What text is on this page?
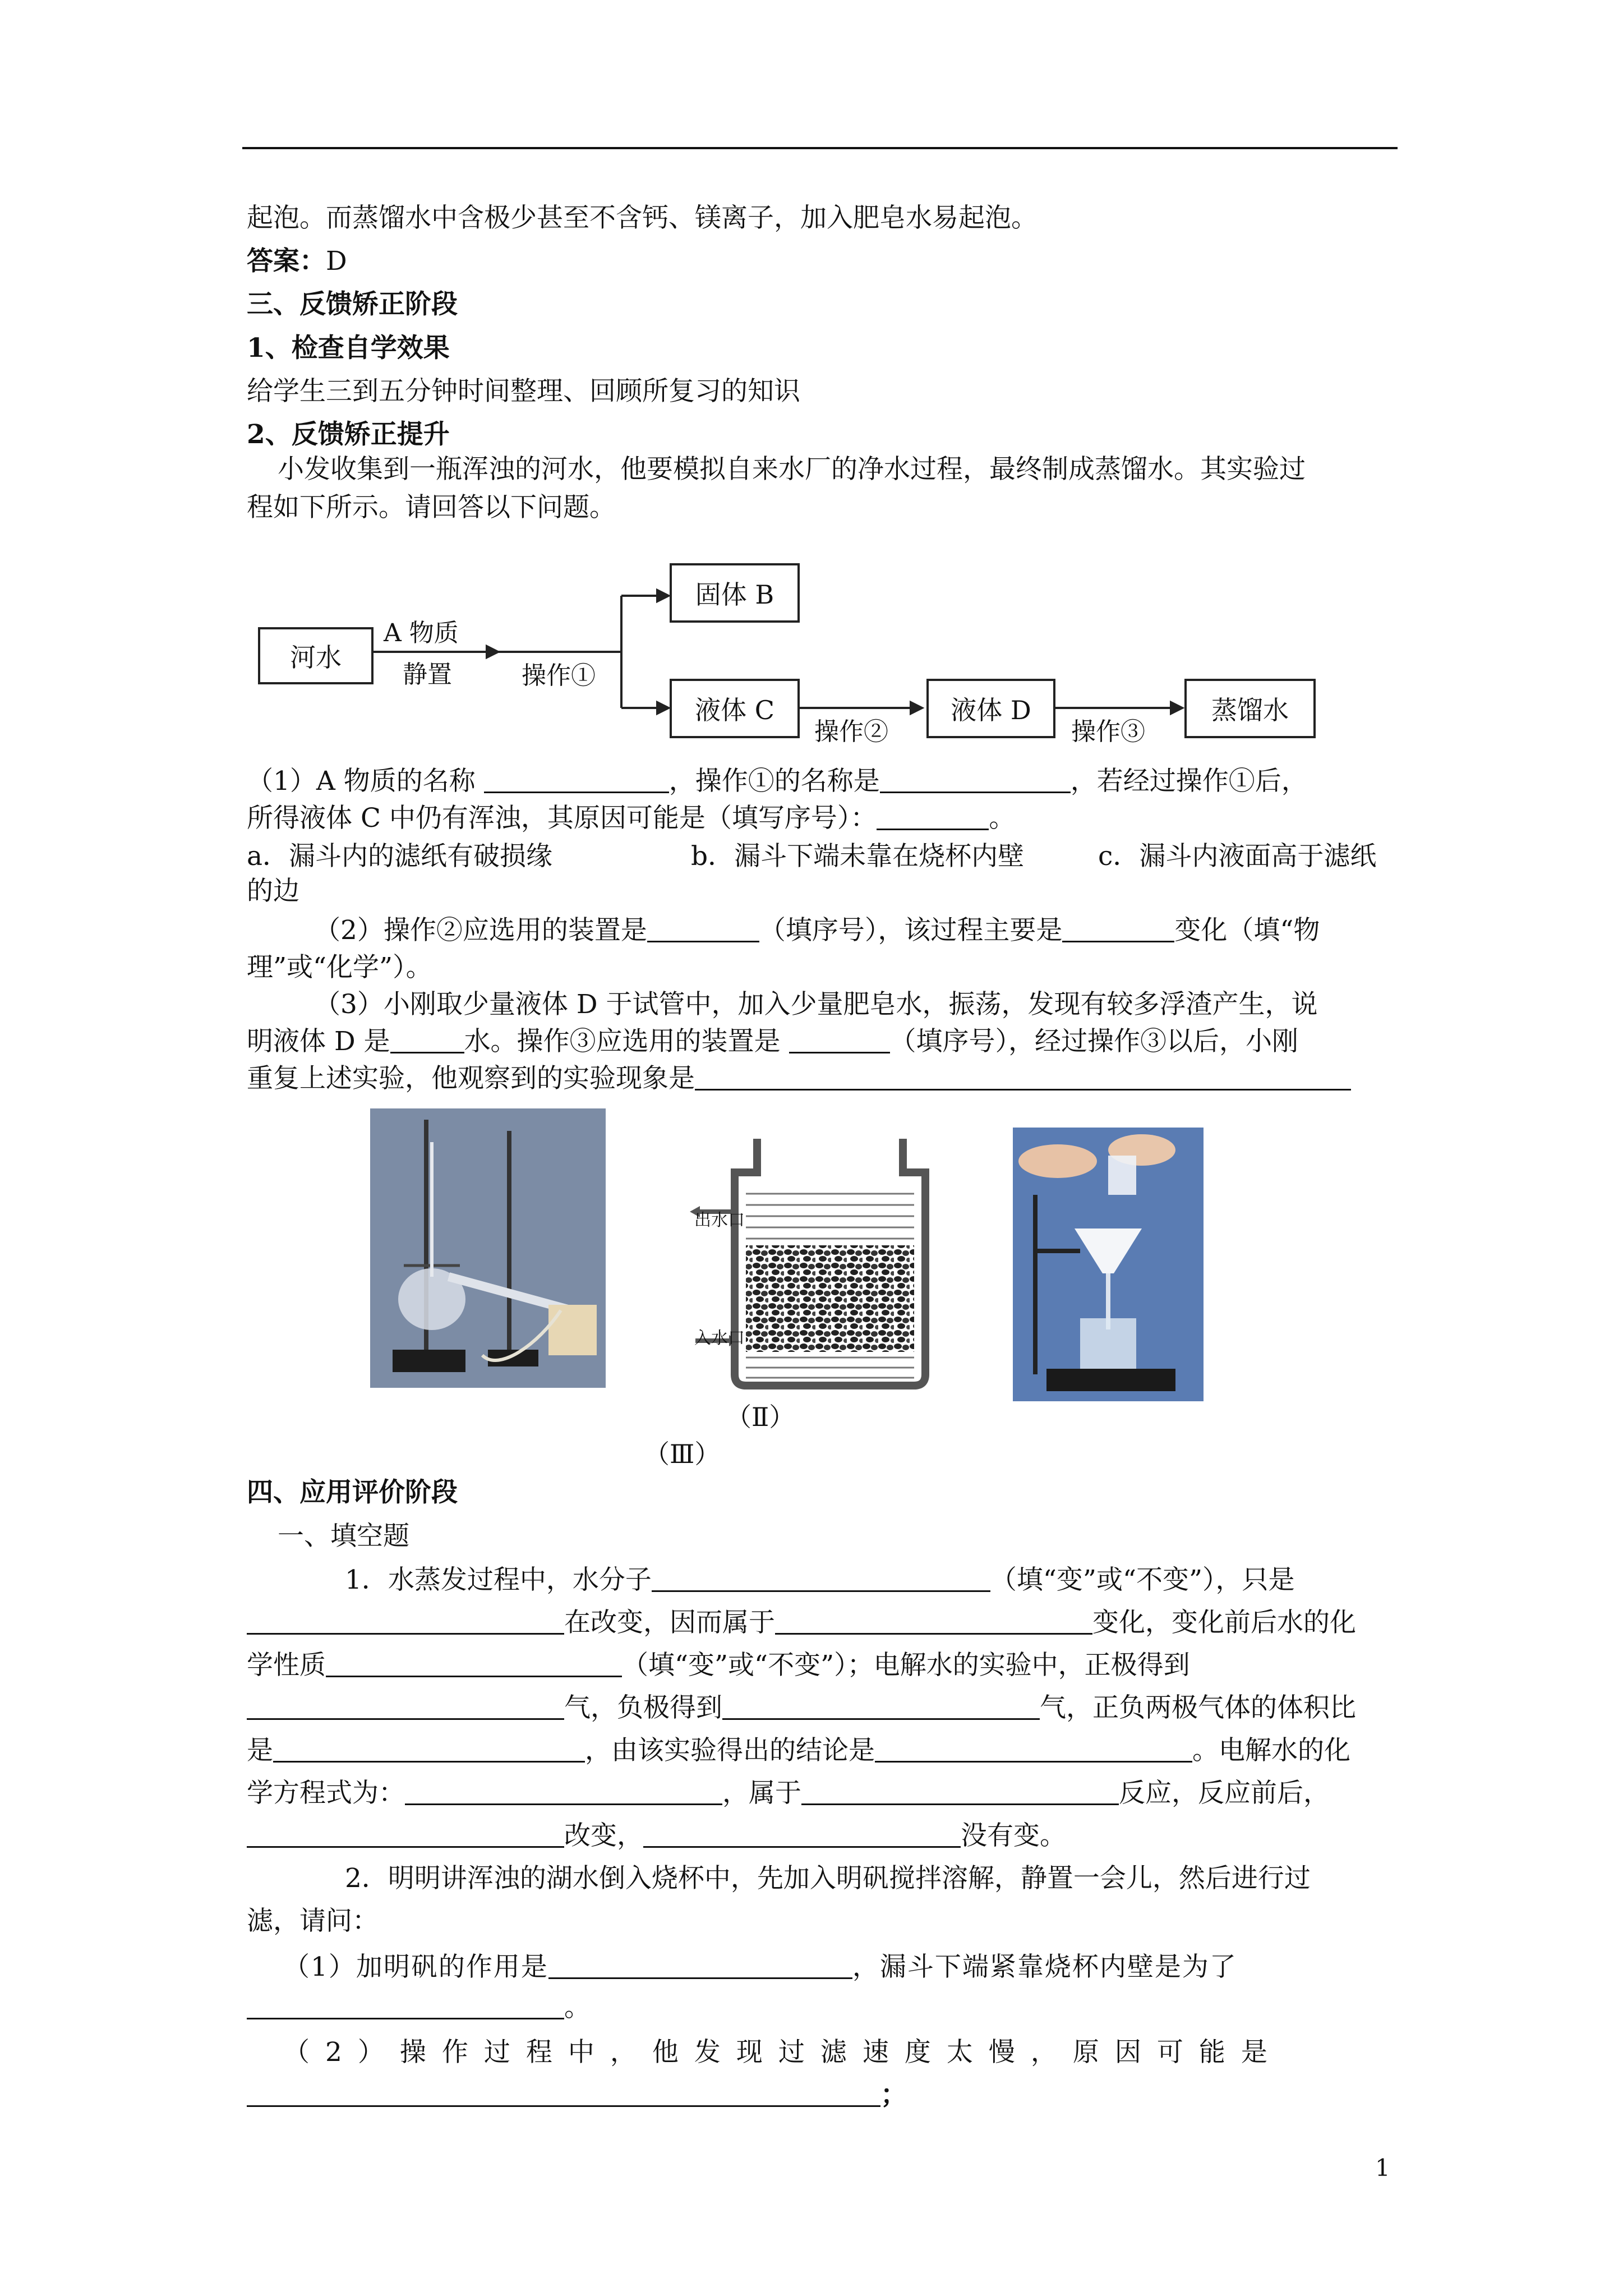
起泡。而蒸馏水中含极少甚至不含钙、镁离子，加入肥皂水易起泡。
答案：D
三、反馈矫正阶段
1、检查自学效果
给学生三到五分钟时间整理、回顾所复习的知识
2、反馈矫正提升
小发收集到一瓶浑浊的河水，他要模拟自来水厂的净水过程，最终制成蒸馏水。其实验过
程如下所示。请回答以下问题。
河水
A 物质
静置	操作①
固体 B
液体 C
操作②
液体 D
操作③
蒸馏水
（1）A 物质的名称	，操作①的名称是	，若经过操作①后，
所得液体 C 中仍有浑浊，其原因可能是（填写序号）：	。
a．漏斗内的滤纸有破损缘	b．漏斗下端未靠在烧杯内壁	c．漏斗内液面高于滤纸
的边
（2）操作②应选用的装置是	（填序号），该过程主要是	变化（填“物
理”或“化学”）。
（3）小刚取少量液体 D 于试管中，加入少量肥皂水，振荡，发现有较多浮渣产生，说
明液体 D 是	水。操作③应选用的装置是	（填序号），经过操作③以后，小刚
重复上述实验，他观察到的实验现象是
出水口
入水口
（Ⅱ）
（Ⅲ）
四、应用评价阶段
一、填空题
1．水蒸发过程中，水分子	（填“变”或“不变”），只是
在改变，因而属于	变化，变化前后水的化
学性质	（填“变”或“不变”）；电解水的实验中，正极得到
气，负极得到	气，正负两极气体的体积比
是	，由该实验得出的结论是	。电解水的化
学方程式为：	，属于	反应，反应前后，
改变，	没有变。
2．明明讲浑浊的湖水倒入烧杯中，先加入明矾搅拌溶解，静置一会儿，然后进行过
滤，请问：
（1）加明矾的作用是	，漏斗下端紧靠烧杯内壁是为了
。
（2）操作过程中，他发现过滤速度太慢，原因可能是
；
1
